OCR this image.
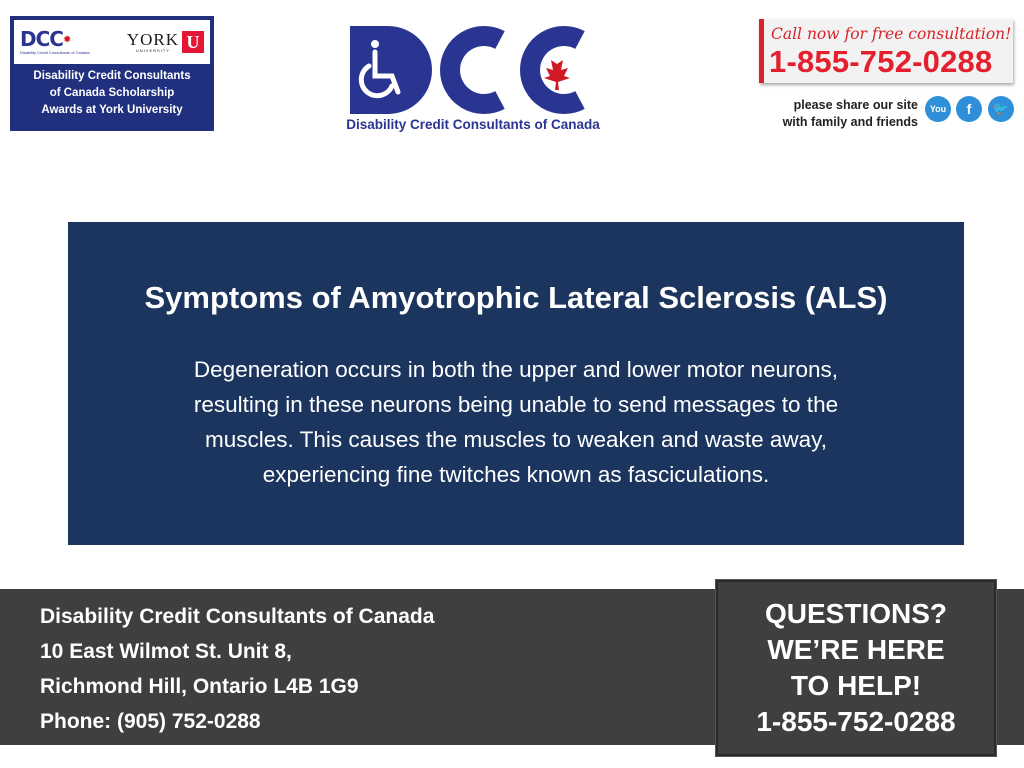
DCC✹
Disability Credit Consultants of Canada
YORK
UNIVERSITY U
Disability Credit Consultants
of Canada Scholarship
Awards at York University
Disability Credit Consultants of Canada
Call now for free consultation!
1-855-752-0288
please share our site
with family and friends
You	f	🐦
Symptoms of Amyotrophic Lateral Sclerosis (ALS)
Degeneration occurs in both the upper and lower motor neurons,
resulting in these neurons being unable to send messages to the
muscles. This causes the muscles to weaken and waste away,
experiencing fine twitches known as fasciculations.
Disability Credit Consultants of Canada
10 East Wilmot St. Unit 8,
Richmond Hill, Ontario L4B 1G9
Phone: (905) 752-0288
QUESTIONS?
WE’RE HERE
TO HELP!
1-855-752-0288
